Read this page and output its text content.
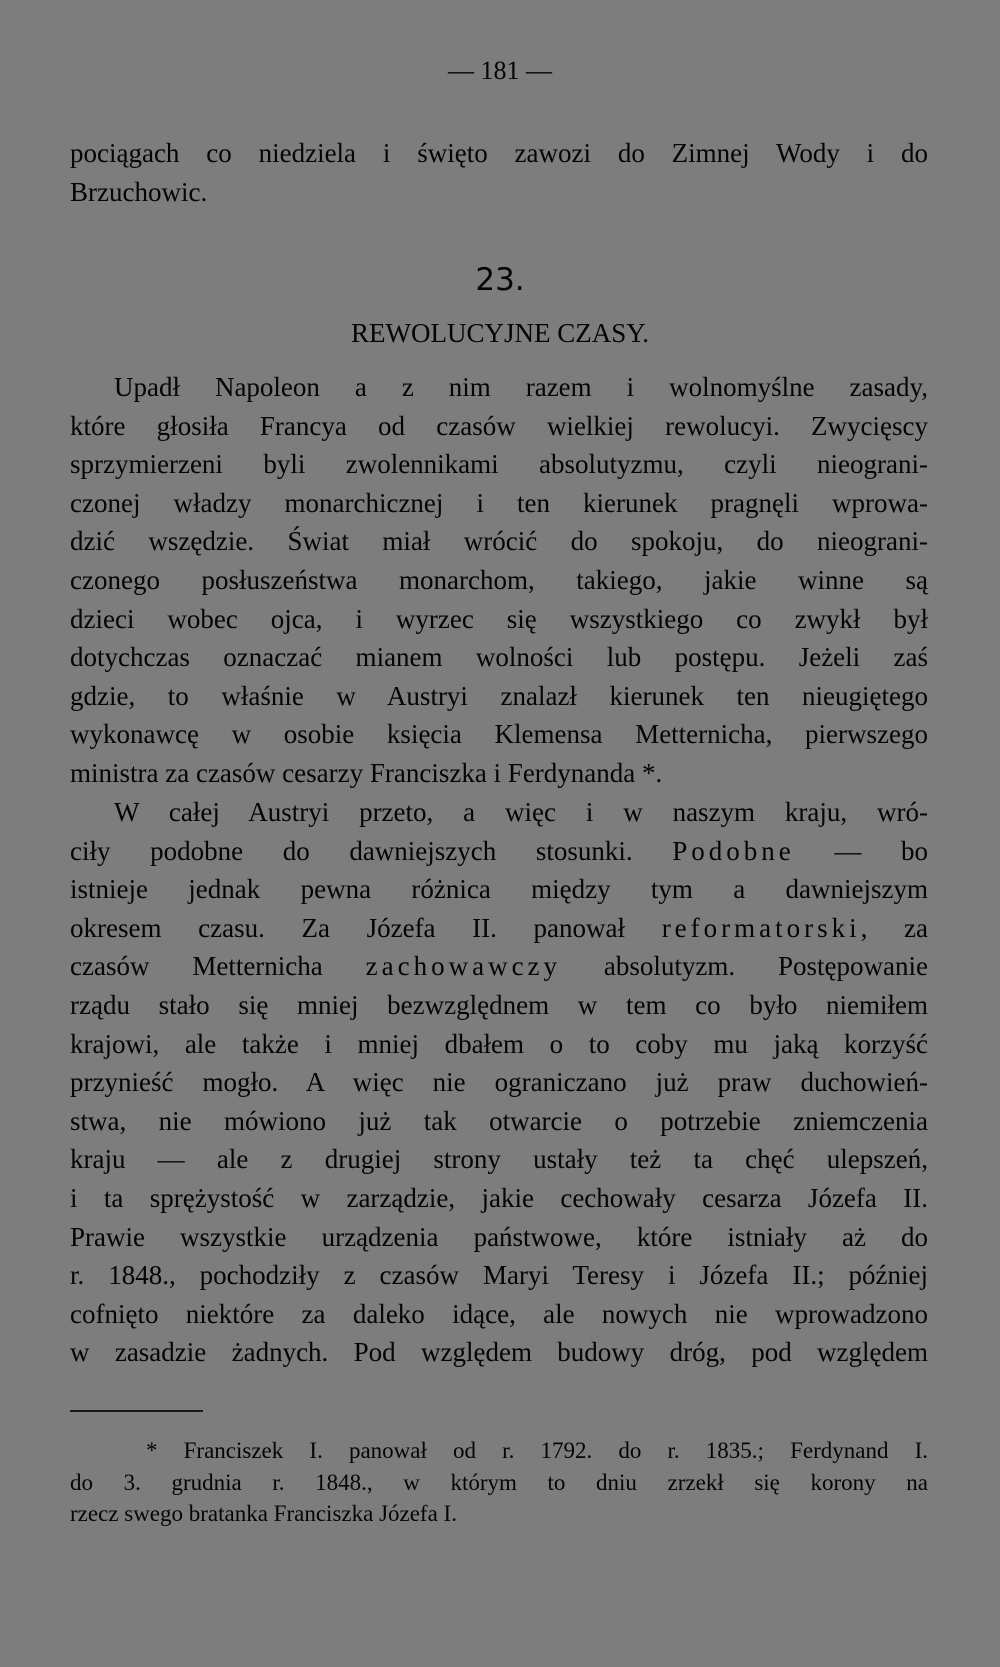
— 181 —
pociągach co niedziela i święto zawozi do Zimnej Wody i do
Brzuchowic.
23.
REWOLUCYJNE CZASY.
Upadł Napoleon a z nim razem i wolnomyślne zasady,
które głosiła Francya od czasów wielkiej rewolucyi. Zwycięscy
sprzymierzeni byli zwolennikami absolutyzmu, czyli nieograni-
czonej władzy monarchicznej i ten kierunek pragnęli wprowa-
dzić wszędzie. Świat miał wrócić do spokoju, do nieograni-
czonego posłuszeństwa monarchom, takiego, jakie winne są
dzieci wobec ojca, i wyrzec się wszystkiego co zwykł był
dotychczas oznaczać mianem wolności lub postępu. Jeżeli zaś
gdzie, to właśnie w Austryi znalazł kierunek ten nieugiętego
wykonawcę w osobie księcia Klemensa Metternicha, pierwszego
ministra za czasów cesarzy Franciszka i Ferdynanda *.
W całej Austryi przeto, a więc i w naszym kraju, wró-
ciły podobne do dawniejszych stosunki. Podobne — bo
istnieje jednak pewna różnica między tym a dawniejszym
okresem czasu. Za Józefa II. panował reformatorski, za
czasów Metternicha zachowawczy absolutyzm. Postępowanie
rządu stało się mniej bezwzględnem w tem co było niemiłem
krajowi, ale także i mniej dbałem o to coby mu jaką korzyść
przynieść mogło. A więc nie ograniczano już praw duchowień-
stwa, nie mówiono już tak otwarcie o potrzebie zniemczenia
kraju — ale z drugiej strony ustały też ta chęć ulepszeń,
i ta sprężystość w zarządzie, jakie cechowały cesarza Józefa II.
Prawie wszystkie urządzenia państwowe, które istniały aż do
r. 1848., pochodziły z czasów Maryi Teresy i Józefa II.; później
cofnięto niektóre za daleko idące, ale nowych nie wprowadzono
w zasadzie żadnych. Pod względem budowy dróg, pod względem
* Franciszek I. panował od r. 1792. do r. 1835.; Ferdynand I.
do 3. grudnia r. 1848., w którym to dniu zrzekł się korony na
rzecz swego bratanka Franciszka Józefa I.
